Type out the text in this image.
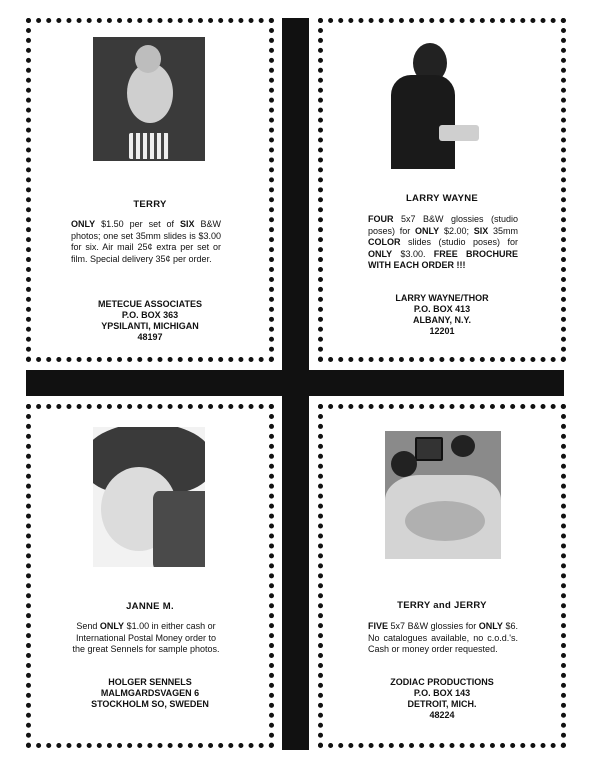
TERRY
ONLY $1.50 per set of SIX B&W photos; one set 35mm slides is $3.00 for six. Air mail 25¢ extra per set or film. Special delivery 35¢ per order.
METECUE ASSOCIATES
P.O. BOX 363
YPSILANTI, MICHIGAN
48197
LARRY WAYNE
FOUR 5x7 B&W glossies (studio poses) for ONLY $2.00; SIX 35mm COLOR slides (studio poses) for ONLY $3.00. FREE BROCHURE WITH EACH ORDER !!!
LARRY WAYNE/THOR
P.O. BOX 413
ALBANY, N.Y.
12201
JANNE M.
Send ONLY $1.00 in either cash or International Postal Money order to the great Sennels for sample photos.
HOLGER SENNELS
MALMGARDSVAGEN 6
STOCKHOLM SO, SWEDEN
TERRY and JERRY
FIVE 5x7 B&W glossies for ONLY $6. No catalogues available, no c.o.d.'s. Cash or money order requested.
ZODIAC PRODUCTIONS
P.O. BOX 143
DETROIT, MICH.
48224
